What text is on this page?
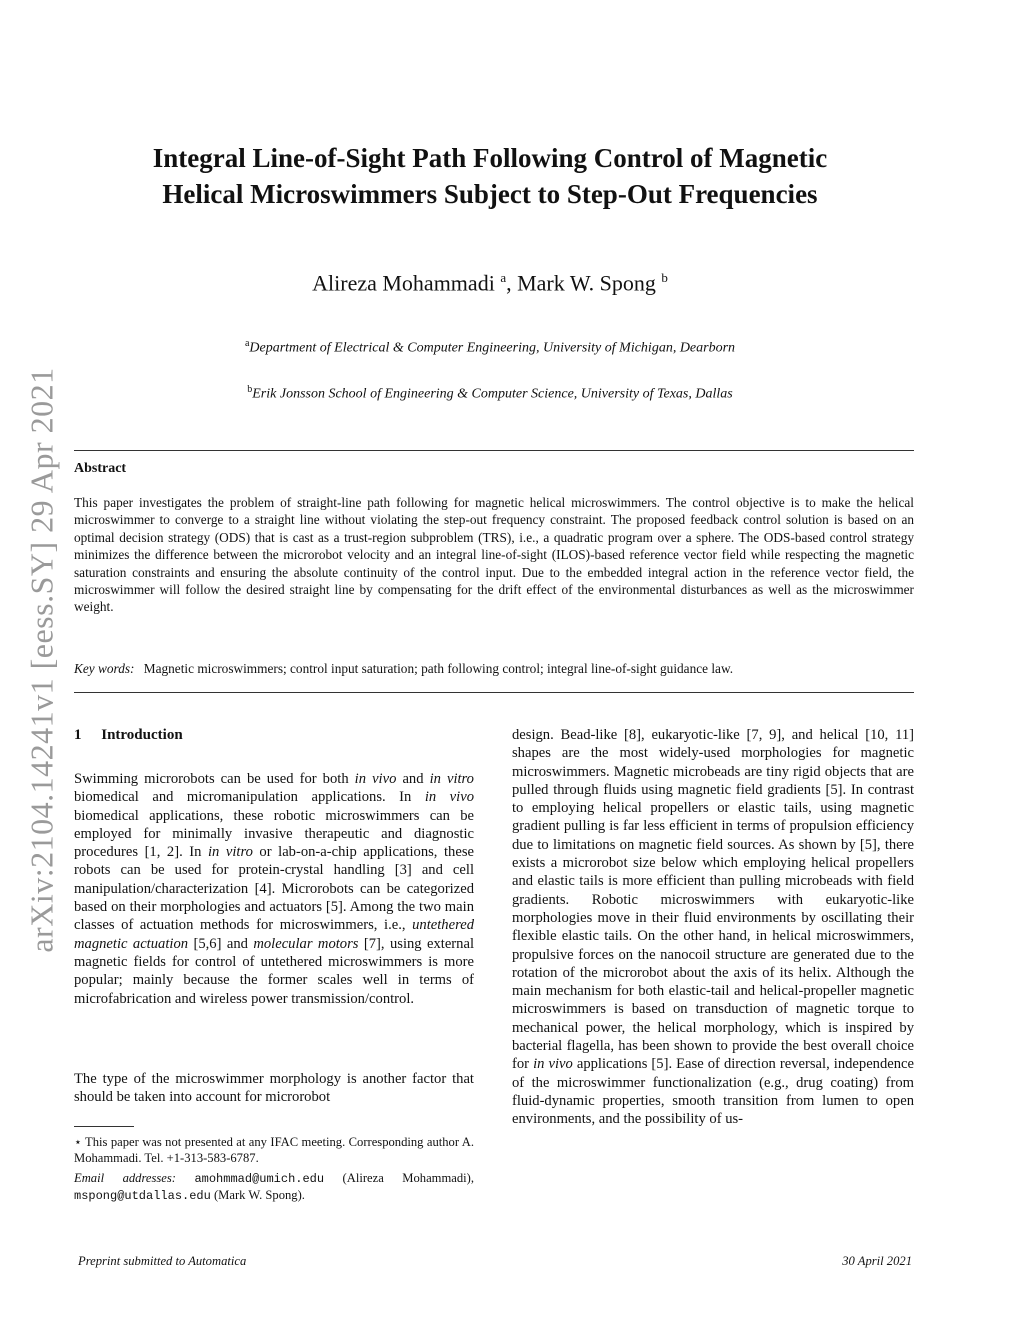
arXiv:2104.14241v1 [eess.SY] 29 Apr 2021
Integral Line-of-Sight Path Following Control of Magnetic
Helical Microswimmers Subject to Step-Out Frequencies
Alireza Mohammadi $^a$, Mark W. Spong $^b$
$^a$Department of Electrical & Computer Engineering, University of Michigan, Dearborn
$^b$Erik Jonsson School of Engineering & Computer Science, University of Texas, Dallas
Abstract
This paper investigates the problem of straight-line path following for magnetic helical microswimmers. The control objective is to make the helical microswimmer to converge to a straight line without violating the step-out frequency constraint. The proposed feedback control solution is based on an optimal decision strategy (ODS) that is cast as a trust-region subproblem (TRS), i.e., a quadratic program over a sphere. The ODS-based control strategy minimizes the difference between the microrobot velocity and an integral line-of-sight (ILOS)-based reference vector field while respecting the magnetic saturation constraints and ensuring the absolute continuity of the control input. Due to the embedded integral action in the reference vector field, the microswimmer will follow the desired straight line by compensating for the drift effect of the environmental disturbances as well as the microswimmer weight.
Key words: Magnetic microswimmers; control input saturation; path following control; integral line-of-sight guidance law.
1 Introduction
Swimming microrobots can be used for both in vivo and in vitro biomedical and micromanipulation applications. In in vivo biomedical applications, these robotic microswimmers can be employed for minimally invasive therapeutic and diagnostic procedures [1, 2]. In in vitro or lab-on-a-chip applications, these robots can be used for protein-crystal handling [3] and cell manipulation/characterization [4]. Microrobots can be categorized based on their morphologies and actuators [5]. Among the two main classes of actuation methods for microswimmers, i.e., untethered magnetic actuation [5,6] and molecular motors [7], using external magnetic fields for control of untethered microswimmers is more popular; mainly because the former scales well in terms of microfabrication and wireless power transmission/control.
The type of the microswimmer morphology is another factor that should be taken into account for microrobot
⋆ This paper was not presented at any IFAC meeting. Corresponding author A. Mohammadi. Tel. +1-313-583-6787.
Email addresses: amohmmad@umich.edu (Alireza Mohammadi), mspong@utdallas.edu (Mark W. Spong).
design. Bead-like [8], eukaryotic-like [7, 9], and helical [10, 11] shapes are the most widely-used morphologies for magnetic microswimmers. Magnetic microbeads are tiny rigid objects that are pulled through fluids using magnetic field gradients [5]. In contrast to employing helical propellers or elastic tails, using magnetic gradient pulling is far less efficient in terms of propulsion efficiency due to limitations on magnetic field sources. As shown by [5], there exists a microrobot size below which employing helical propellers and elastic tails is more efficient than pulling microbeads with field gradients. Robotic microswimmers with eukaryotic-like morphologies move in their fluid environments by oscillating their flexible elastic tails. On the other hand, in helical microswimmers, propulsive forces on the nanocoil structure are generated due to the rotation of the microrobot about the axis of its helix. Although the main mechanism for both elastic-tail and helical-propeller magnetic microswimmers is based on transduction of magnetic torque to mechanical power, the helical morphology, which is inspired by bacterial flagella, has been shown to provide the best overall choice for in vivo applications [5]. Ease of direction reversal, independence of the microswimmer functionalization (e.g., drug coating) from fluid-dynamic properties, smooth transition from lumen to open environments, and the possibility of us-
Preprint submitted to Automatica	30 April 2021
